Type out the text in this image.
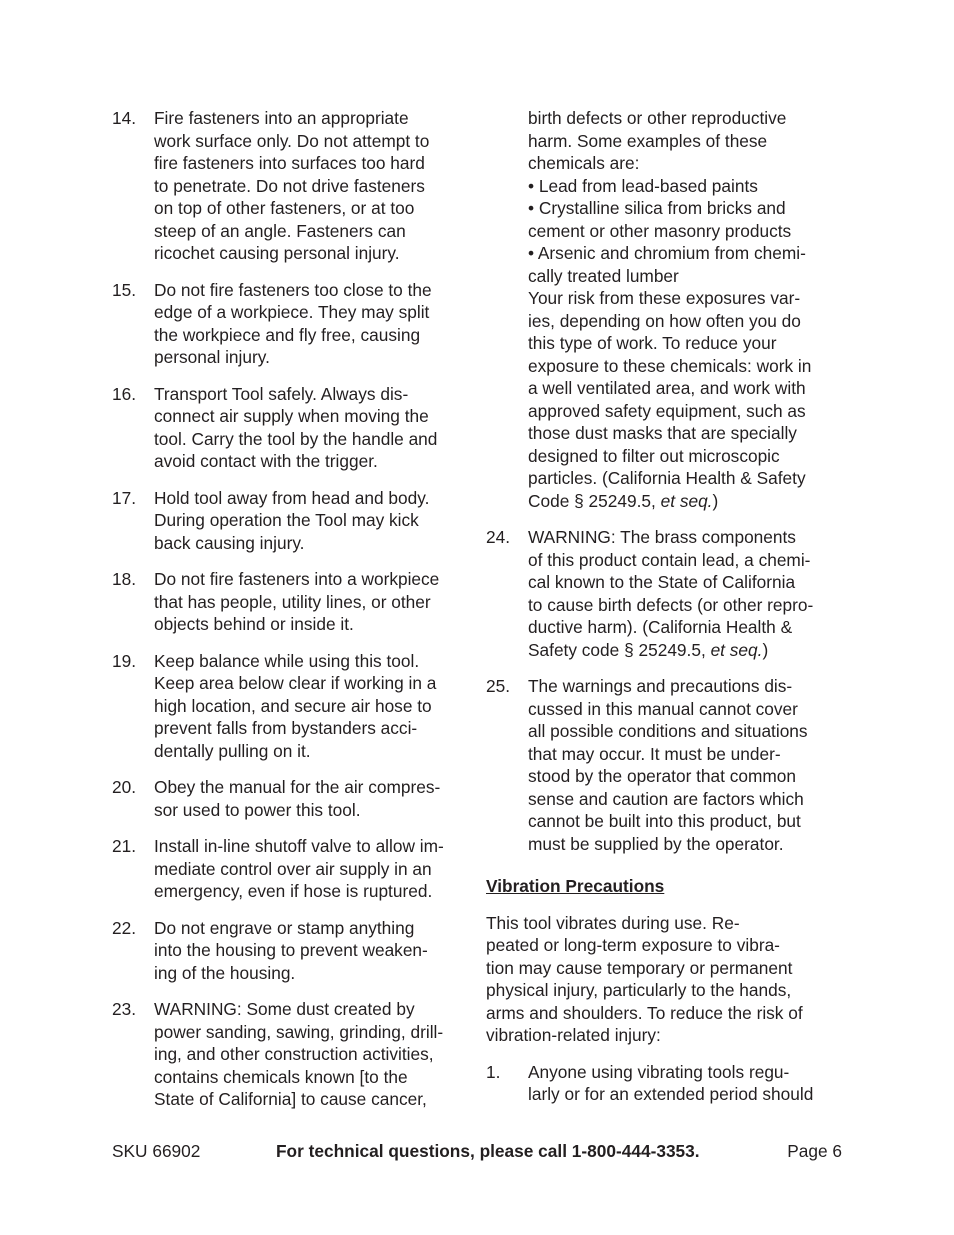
14. Fire fasteners into an appropriate
work surface only. Do not attempt to
fire fasteners into surfaces too hard
to penetrate. Do not drive fasteners
on top of other fasteners, or at too
steep of an angle. Fasteners can
ricochet causing personal injury.
15. Do not fire fasteners too close to the
edge of a workpiece. They may split
the workpiece and fly free, causing
personal injury.
16. Transport Tool safely. Always dis-
connect air supply when moving the
tool. Carry the tool by the handle and
avoid contact with the trigger.
17. Hold tool away from head and body.
During operation the Tool may kick
back causing injury.
18. Do not fire fasteners into a workpiece
that has people, utility lines, or other
objects behind or inside it.
19. Keep balance while using this tool.
Keep area below clear if working in a
high location, and secure air hose to
prevent falls from bystanders acci-
dentally pulling on it.
20. Obey the manual for the air compres-
sor used to power this tool.
21. Install in-line shutoff valve to allow im-
mediate control over air supply in an
emergency, even if hose is ruptured.
22. Do not engrave or stamp anything
into the housing to prevent weaken-
ing of the housing.
23. WARNING: Some dust created by
power sanding, sawing, grinding, drill-
ing, and other construction activities,
contains chemicals known [to the
State of California] to cause cancer,
birth defects or other reproductive
harm. Some examples of these
chemicals are:
• Lead from lead-based paints
• Crystalline silica from bricks and
cement or other masonry products
• Arsenic and chromium from chemi-
cally treated lumber
Your risk from these exposures var-
ies, depending on how often you do
this type of work. To reduce your
exposure to these chemicals: work in
a well ventilated area, and work with
approved safety equipment, such as
those dust masks that are specially
designed to filter out microscopic
particles. (California Health & Safety
Code § 25249.5, et seq.)
24. WARNING: The brass components
of this product contain lead, a chemi-
cal known to the State of California
to cause birth defects (or other repro-
ductive harm). (California Health &
Safety code § 25249.5, et seq.)
25. The warnings and precautions dis-
cussed in this manual cannot cover
all possible conditions and situations
that may occur. It must be under-
stood by the operator that common
sense and caution are factors which
cannot be built into this product, but
must be supplied by the operator.
Vibration Precautions
This tool vibrates during use. Re-
peated or long-term exposure to vibra-
tion may cause temporary or permanent
physical injury, particularly to the hands,
arms and shoulders. To reduce the risk of
vibration-related injury:
1. Anyone using vibrating tools regu-
larly or for an extended period should
SKU 66902	For technical questions, please call 1-800-444-3353.	Page 6
